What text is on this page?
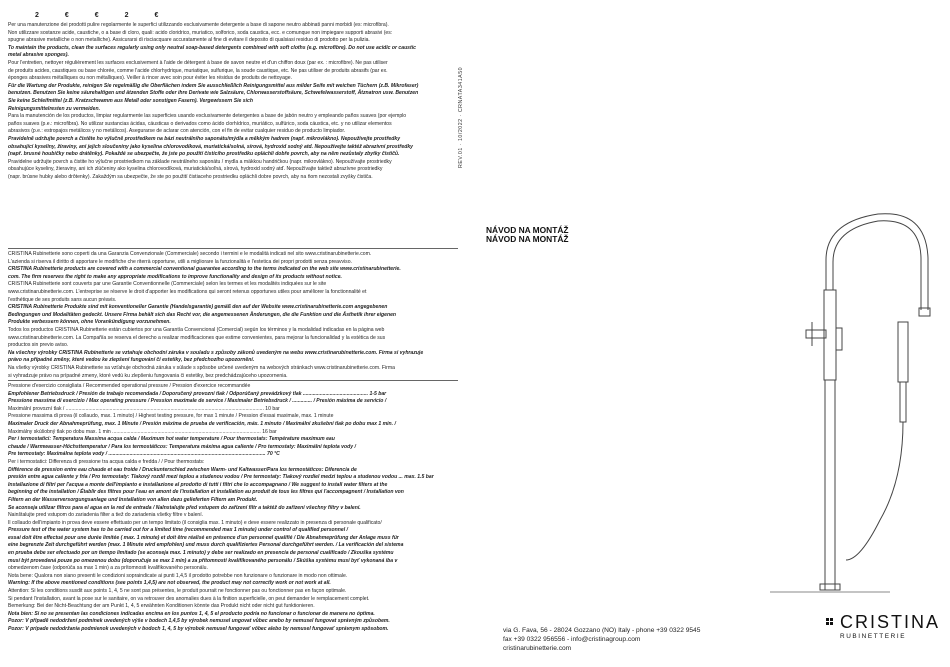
2	€	€	2	€

Per una manutenzione dei prodotti pulire regolarmente le superfici utilizzando esclusivamente detergente a base di sapone neutro abbinati panni morbidi (es: microfibra).

Non utilizzare sostanze acide, caustiche, o a base di cloro, quali: acido cloridrico, muriatico, solforico, soda caustica, ecc. e comunque non impiegare supporti abrasivi (es:

spugne abrasive metalliche o non metalliche). Assicurarsi di risciacquare accuratamente al fine di evitare il deposito di qualsiasi residuo di prodotto per la pulizia.

To maintain the products, clean the surfaces regularly using only neutral soap-based detergents combined with soft cloths (e.g. microfibre). Do not use acidic or caustic

metal abrasive sponges).

Pour l'entretien, nettoyer régulièrement les surfaces exclusivement à l'aide de détergent à base de savon neutre et d'un chiffon doux (par ex. : microfibre). Ne pas utiliser

de produits acides, caustiques ou base chlorée, comme l'acide chlorhydrique, muriatique, sulfurique, la soude caustique, etc. Ne pas utiliser de produits abrasifs (par ex.

éponges abrasives métalliques ou non métalliques). Veiller à rincer avec soin pour éviter les résidus de produits de nettoyage.

Für die Wartung der Produkte, reinigen Sie regelmäßig die Oberflächen indem Sie ausschließlich Reinigungsmittel aus milder Seife mit weichen Tüchern (z.B. Mikrofaser)

benutzen. Benutzen Sie keine säurehaltigen und ätzenden Stoffe oder ihre Derivate wie Salzsäure, Chlorwasserstoffsäure, Schwefelwasserstoff, Ätznatron usw. Benutzen

Sie keine Schleifmittel (z.B. Kratzschwamm aus Metall oder sonstigen Fasern). Vergewissern Sie sich

Reinigungsmittelresten zu vermeiden.

Para la manutención de los productos, limpiar regularmente las superficies usando exclusivamente detergentes a base de jabón neutro y empleando paños suaves (por ejemplo

paños suaves (p.e.: microfibra). No utilizar sustancias ácidas, cáusticas o derivados como ácido clorhídrico, muriático, sulfúrico, soda cáustica, etc. y no utilizar elementos

abrasivos (p.e.: estropajos metálicos y no metálicos). Asegurarse de aclarar con atención, con el fin de evitar cualquier residuo de producto limpiador.

Pravidelně udržujte povrch a čistěte ho výlučně prostředkem na bázi neutrálního saponátu/mýdla a měkkým hadrem (např. mikrovlákno). Nepoužívejte prostředky

obsahující kyseliny, žíraviny, ani jejich sloučeniny jako kyselina chlorovodíková, muriatická/solná, sírová, hydroxid sodný atd. Nepoužívejte taktéž abrazivní prostředky

(např. brusné houbičky nebo drátěnky). Pokaždé se ubezpečte, že jste po použití čisticího prostředku opláchli dobře povrch, aby na něm nezůstaly zbytky čističů.

Pravidelne udržujte povrch a čistite ho výlučne prostriedkom na základe neutrálneho saponátu / mydla a mäkkou handričkou (napr. mikrovlákno). Nepoužívajte prostriedky

obsahujúce kyseliny, žieraviny, ani ich zlúčeniny ako kyselina chlorovodíková, muriatická/soľná, sírová, hydroxid sodný atď. Nepoužívajte taktiež abrazívne prostriedky

(napr. brúsne hubky alebo drôtenky). Zakaždým sa ubezpečte, že ste po použití čistiaceho prostriedku opláchli dobre povrch, aby na ňom nezostali zvyšky čističa.

CRISTINA Rubinetterie sono coperti da una Garanzia Convenzionale (Commerciale) secondo i termini e le modalità indicati nel sito www.cristinarubinetterie.com.

L'azienda si riserva il diritto di apportare le modifiche che riterrà opportune, utili a migliorare la funzionalità e l'estetica dei propri prodotti senza preavviso.

CRISTINA Rubinetterie products are covered with a commercial conventional guarantee according to the terms indicated on the web site www.cristinarubinetterie.

com. The firm reserves the right to make any appropriate modifications to improve functionality and design of its products without notice.

CRISTINA Rubinetterie sont couverts par une Garantie Conventionnelle (Commerciale) selon les termes et les modalités indiquées sur le site

www.cristinarubinetterie.com. L'entreprise se réserve le droit d'apporter les modifications qui seront retenus opportunes utiles pour améliorer la fonctionnalité et

l'esthétique de ses produits sans aucun préavis.

CRISTINA Rubinetterie Produkte sind mit konventioneller Garantie (Handelsgarantie) gemäß den auf der Website www.cristinarubinetterie.com angegebenen

Bedingungen und Modalitäten gedeckt. Unsere Firma behält sich das Recht vor, die angemessenen Änderungen, die die Funktion und die Ästhetik ihrer eigenen

Produkte verbessern können, ohne Vorankündigung vorzunehmen.

Todos los productos CRISTINA Rubinetterie están cubiertos por una Garantía Convencional (Comercial) según los términos y la modalidad indicadas en la página web

www.cristinarubinetterie.com. La Compañía se reserva el derecho a realizar modificaciones que estime convenientes, para mejorar la funcionalidad y la estética de sus

productos sin previo aviso.

Na všechny výrobky CRISTINA Rubinetterie se vztahuje obchodní záruka v souladu s způsoby zákonů uvedeným na webu www.cristinarubinetterie.com. Firma si vyhrazuje

právo na případné změny, které vedou ke zlepšení fungování či estetiky, bez předchozího upozornění.

Na všetky výrobky CRISTINA Rubinetterie sa vzťahuje obchodná záruka v súlade s spôsobe určené uvedeným na webových stránkach www.cristinarubinetterie.com. Firma

si vyhradzuje právo na prípadné zmeny, ktoré vedú ku zlepšeniu fungovania či estetiky, bez predchádzajúceho upozornenia.

Pressione d'esercizio consigliata / Recommended operational pressure / Pression d'exercice recommandée

Empfohlener Betriebsdruck / Presión de trabajo recomendada / Doporučený provozní tlak / Odporúčaný prevádzkový tlak .............................................. 1-5 bar

Pressione massima di esercizio / Max operating pressure / Pression maximale de service / Maximaler Betriebsdruck / .............. / Presión máxima de servicio /

Maximální provozní tlak / ............................................................................................................................................ 10 bar

Pressione massima di prova (il collaudo, max. 1 minuto) / Highest testing pressure, for max 1 minute / Pression d'essai maximale, max. 1 minute

Maximaler Druck der Abnahmeprüfung, max. 1 Minute / Presión máxima de prueba de verificación, máx. 1 minuto / Maximální zkušební tlak po dobu max 1 min. /

Maximálny skúšobný tlak po dobu max. 1 min ......................................................................................................... 16 bar

Per i termostatici: Temperatura Massima acqua calda / Maximum hot water temperature / Pour thermostats: Température maximum eau

chaude / Warmwasser-Höchsttemperatur / Para los termostáticos: Temperatura máxima agua caliente / Pro termostaty: Maximální teplota vody /

Pre termostaty: Maximálna teplota vody / ............................................................................................................... 70 °C

Per i termostatici: Differenza di pressione tra acqua calda e fredda / / Pour thermostats:

Différence de pression entre eau chaude et eau froide / Druckunterschied zwischen Warm- und Kaltwasser/Para los termostáticos: Diferencia de

presión entre agua caliente y fría / Pro termostaty: Tlakový rozdíl mezi teplou a studenou vodou / Pre termostaty: Tlakový rozdiel medzi teplou a studenou vodou ... max. 1.5 bar

Installazione di filtri per l'acqua a monte dell'impianto e installazione al prodotto di tutti i filtri che lo accompagnano / We suggest to install water filters at the

beginning of the installation / Établir des filtres pour l'eau en amont de l'installation et installation au produit de tous les filtres qui l'accompagnent / Installation von

Filtern an der Wasserversorgungsanlage und Installation von allen dazu gelieferten Filtern am Produkt.

Se aconseja utilizar filtros para el agua en la red de entrada / NaInstalujte před vstupem do zařízení filtr a taktéž do zařízení všechny filtry v balení.

Nainštalujte pred vstupom do zariadenia filter a tiež do zariadenia všetky filtre v balení.

Il collaudo dell'impianto in prova deve essere effettuato per un tempo limitato (il consiglia max. 1 minuto) e deve essere realizzato in presenza di personale qualificato/

Pressure test of the water system has to be carried out for a limited time (recommended max 1 minute) under control of qualified personnel /

essai doit être effectué pour une durée limitée ( max. 1 minute) et doit être réalisé en présence d'un personnel qualifié / Die Abnahmeprüfung der Anlage muss für

eine begrenzte Zeit durchgeführt werden (max. 1 Minute wird empfohlen) und muss durch qualifiziertes Personal durchgeführt werden. / La verificación del sistema

en prueba debe ser efectuado por un tiempo limitado (se aconseja max. 1 minuto) y debe ser realizado en presencia de personal cualificado / Zkouška systému

musí být provedená pouze po omezenou dobu (doporučuje se max 1 min) a za přítomnosti kvalifikovaného personálu / Skúška systému musí byť vykonaná iba v

obmedzenom čase (odporúča sa max 1 min) a za prítomnosti kvalifikovaného personálu.

Nota bene: Qualora non siano presenti le condizioni sopraindicate ai punti 1,4,5 il prodotto potrebbe non funzionare o funzionare in modo non ottimale.

Warning: If the above mentioned conditions (see points 1,4,5) are not observed, the product may not correctly work or not work at all.

Attention: Si les conditions susdit aux points 1, 4, 5 ne sont pas présentes, le produit pourrait ne fonctionner pas ou fonctionner pas en façon optimale.

Si pendant l'installation, avant la pose sur le sanitaire, on va retrouver des anomalies dues à la finition superficielle, on peut demander le remplacement complet.

Bemerkung: Bei der Nicht-Beachtung der am Punkt 1, 4, 5 erwähnten Konditionen könnte das Produkt nicht oder nicht gut funktionieren.

Nota bien: Si no se presentan las condiciones indicadas encima en los puntos 1, 4, 5 el producto podría no funcionar o funcionar de manera no óptima.

Pozor: V případě nedodržení podmínek uvedených výše v bodech 1,4,5 by výrobek nemusel ungovat vůbec anebo by nemusel fungovat správným způsobem.

Pozor: V prípade nedodržania podmienok uvedených v bodoch 1, 4, 5 by výrobok nemusel fungovať vôbec alebo by nemusel fungovať správnym spôsobom.

REV.01 · 10/2022 · CRNATA341A50
NÁVOD NA MONTÁŽ
NÁVOD NA MONTÁŽ
via G. Fava, 56 - 28024 Gozzano (NO) Italy - phone +39 0322 9545
fax +39 0322 956556 - info@cristinagroup.com
cristinarubinetterie.com
CRISTINA
RUBINETTERIE
